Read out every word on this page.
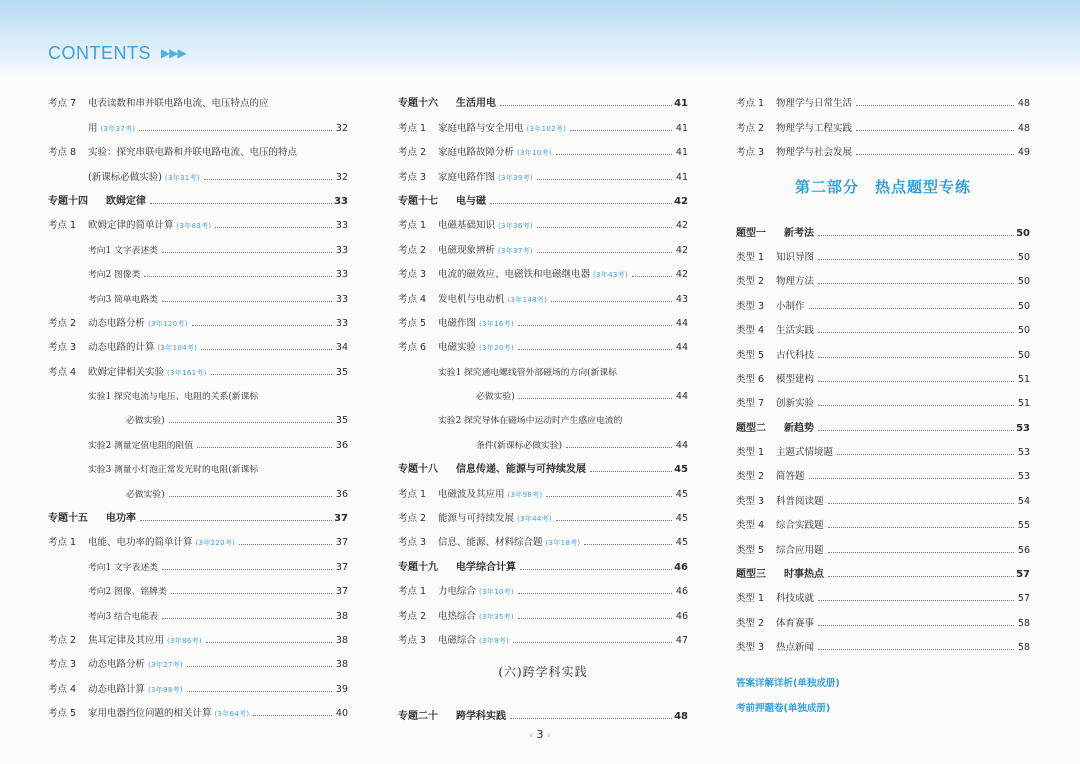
CONTENTS ▶▶▶
考点 7	电表读数和串并联电路电流、电压特点的应
用 (3年37考)	32
考点 8	实验：探究串联电路和并联电路电流、电压的特点
(新课标必做实验) (3年31考)	32
专题十四	欧姆定律	33
考点 1	欧姆定律的简单计算 (3年83考)	33
考向1 文字表述类	33
考向2 图像类	33
考向3 简单电路类	33
考点 2	动态电路分析 (3年120考)	33
考点 3	动态电路的计算 (3年104考)	34
考点 4	欧姆定律相关实验 (3年161考)	35
实验1 探究电流与电压、电阻的关系(新课标
必做实验)	35
实验2 测量定值电阻的阻值	36
实验3 测量小灯泡正常发光时的电阻(新课标
必做实验)	36
专题十五	电功率	37
考点 1	电能、电功率的简单计算 (3年220考)	37
考向1 文字表述类	37
考向2 图像、铭牌类	37
考向3 结合电能表	38
考点 2	焦耳定律及其应用 (3年86考)	38
考点 3	动态电路分析 (3年27考)	38
考点 4	动态电路计算 (3年98考)	39
考点 5	家用电器挡位问题的相关计算 (3年64考)	40
专题十六	生活用电	41
考点 1	家庭电路与安全用电 (3年102考)	41
考点 2	家庭电路故障分析 (3年10考)	41
考点 3	家庭电路作图 (3年39考)	41
专题十七	电与磁	42
考点 1	电磁基础知识 (3年36考)	42
考点 2	电磁现象辨析 (3年37考)	42
考点 3	电流的磁效应、电磁铁和电磁继电器 (3年43考)	42
考点 4	发电机与电动机 (3年148考)	43
考点 5	电磁作图 (3年16考)	44
考点 6	电磁实验 (3年20考)	44
实验1 探究通电螺线管外部磁场的方向(新课标
必做实验)	44
实验2 探究导体在磁场中运动时产生感应电流的
条件(新课标必做实验)	44
专题十八	信息传递、能源与可持续发展	45
考点 1	电磁波及其应用 (3年98考)	45
考点 2	能源与可持续发展 (3年44考)	45
考点 3	信息、能源、材料综合题 (3年18考)	45
专题十九	电学综合计算	46
考点 1	力电综合 (3年10考)	46
考点 2	电热综合 (3年35考)	46
考点 3	电磁综合 (3年9考)	47
(六)跨学科实践
专题二十	跨学科实践	48
考点 1	物理学与日常生活	48
考点 2	物理学与工程实践	48
考点 3	物理学与社会发展	49
第二部分 热点题型专练
题型一	新考法	50
类型 1	知识导图	50
类型 2	物理方法	50
类型 3	小制作	50
类型 4	生活实践	50
类型 5	古代科技	50
类型 6	模型建构	51
类型 7	创新实验	51
题型二	新趋势	53
类型 1	主题式情境题	53
类型 2	简答题	53
类型 3	科普阅读题	54
类型 4	综合实践题	55
类型 5	综合应用题	56
题型三	时事热点	57
类型 1	科技成就	57
类型 2	体育赛事	58
类型 3	热点新闻	58
答案详解详析(单独成册)
考前押题卷(单独成册)
‹ 3 ›
